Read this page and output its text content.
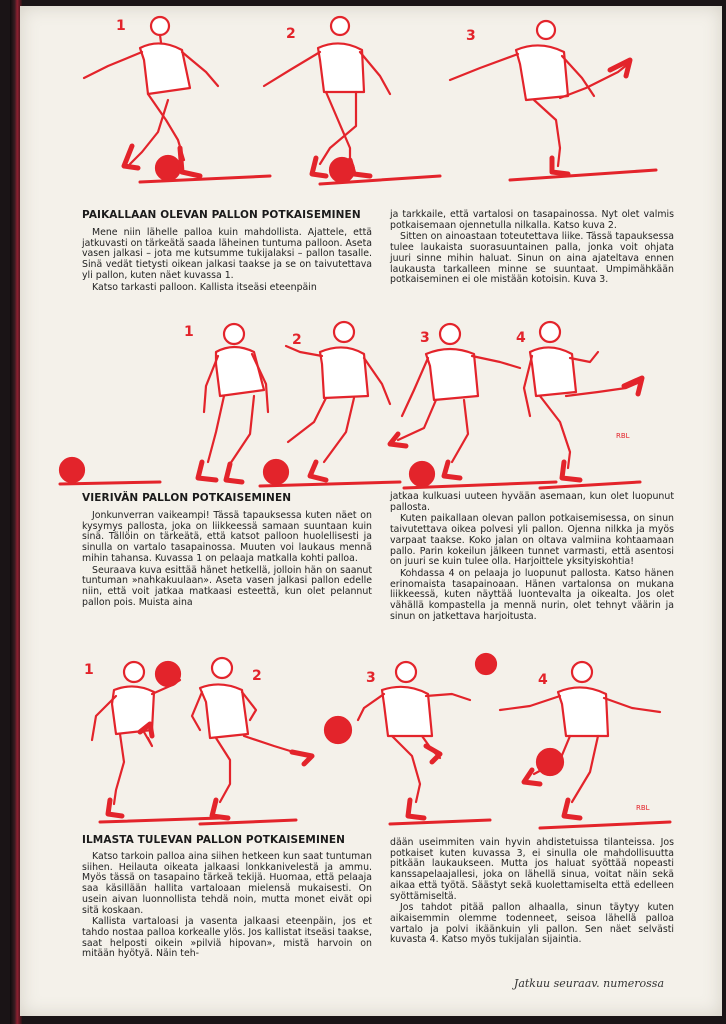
1	2	3
PAIKALLAAN OLEVAN PALLON POTKAISEMINEN

Mene niin lähelle palloa kuin mahdollista. Ajattele, että jatkuvasti on tärkeätä saada läheinen tuntuma palloon. Aseta vasen jalkasi – jota me kutsumme tukijalaksi – pallon tasalle. Sinä vedät tietysti oikean jalkasi taakse ja se on taivutettava yli pallon, kuten näet kuvassa 1.

Katso tarkasti palloon. Kallista itseäsi eteenpäin

ja tarkkaile, että vartalosi on tasapainossa. Nyt olet valmis potkaisemaan ojennetulla nilkalla. Katso kuva 2.

Sitten on ainoastaan toteutettava liike. Tässä tapauksessa tulee laukaista suorasuuntainen palla, jonka voit ohjata juuri sinne mihin haluat. Sinun on aina ajateltava ennen laukausta tarkalleen minne se suuntaat. Umpimähkään potkaiseminen ei ole mistään kotoisin. Kuva 3.

1	2	3	4
RBL
VIERIVÄN PALLON POTKAISEMINEN

Jonkunverran vaikeampi! Tässä tapauksessa kuten näet on kysymys pallosta, joka on liikkeessä samaan suuntaan kuin sinä. Tällöin on tärkeätä, että katsot palloon huolellisesti ja sinulla on vartalo tasapainossa. Muuten voi laukaus mennä mihin tahansa. Kuvassa 1 on pelaaja matkalla kohti palloa.

Seuraava kuva esittää hänet hetkellä, jolloin hän on saanut tuntuman »nahkakuulaan». Aseta vasen jalkasi pallon edelle niin, että voit jatkaa matkaasi esteettä, kun olet pelannut pallon pois. Muista aina

jatkaa kulkuasi uuteen hyvään asemaan, kun olet luopunut pallosta.

Kuten paikallaan olevan pallon potkaisemisessa, on sinun taivutettava oikea polvesi yli pallon. Ojenna nilkka ja myös varpaat taakse. Koko jalan on oltava valmiina kohtaamaan pallo. Parin kokeilun jälkeen tunnet varmasti, että asentosi on juuri se kuin tulee olla. Harjoittele yksityiskohtia!

Kohdassa 4 on pelaaja jo luopunut pallosta. Katso hänen erinomaista tasapainoaan. Hänen vartalonsa on mukana liikkeessä, kuten näyttää luontevalta ja oikealta. Jos olet vähällä kompastella ja mennä nurin, olet tehnyt väärin ja sinun on jatkettava harjoitusta.

1	2	3	4
RBL
ILMASTA TULEVAN PALLON POTKAISEMINEN

Katso tarkoin palloa aina siihen hetkeen kun saat tuntuman siihen. Heilauta oikeata jalkaasi lonkkanivelestä ja ammu. Myös tässä on tasapaino tärkeä tekijä. Huomaa, että pelaaja saa käsillään hallita vartaloaan mielensä mukaisesti. On usein aivan luonnollista tehdä noin, mutta monet eivät opi sitä koskaan.

Kallista vartaloasi ja vasenta jalkaasi eteenpäin, jos et tahdo nostaa palloa korkealle ylös. Jos kallistat itseäsi taakse, saat helposti oikein »pilviä hipovan», mistä harvoin on mitään hyötyä. Näin teh-

dään useimmiten vain hyvin ahdistetuissa tilanteissa. Jos potkaiset kuten kuvassa 3, ei sinulla ole mahdollisuutta pitkään laukaukseen. Mutta jos haluat syöttää nopeasti kanssapelaajallesi, joka on lähellä sinua, voitat näin sekä aikaa että työtä. Säästyt sekä kuolettamiselta että edelleen syöttämiseltä.

Jos tahdot pitää pallon alhaalla, sinun täytyy kuten aikaisemmin olemme todenneet, seisoa lähellä palloa vartalo ja polvi ikäänkuin yli pallon. Sen näet selvästi kuvasta 4. Katso myös tukijalan sijaintia.

Jatkuu seuraav. numerossa
